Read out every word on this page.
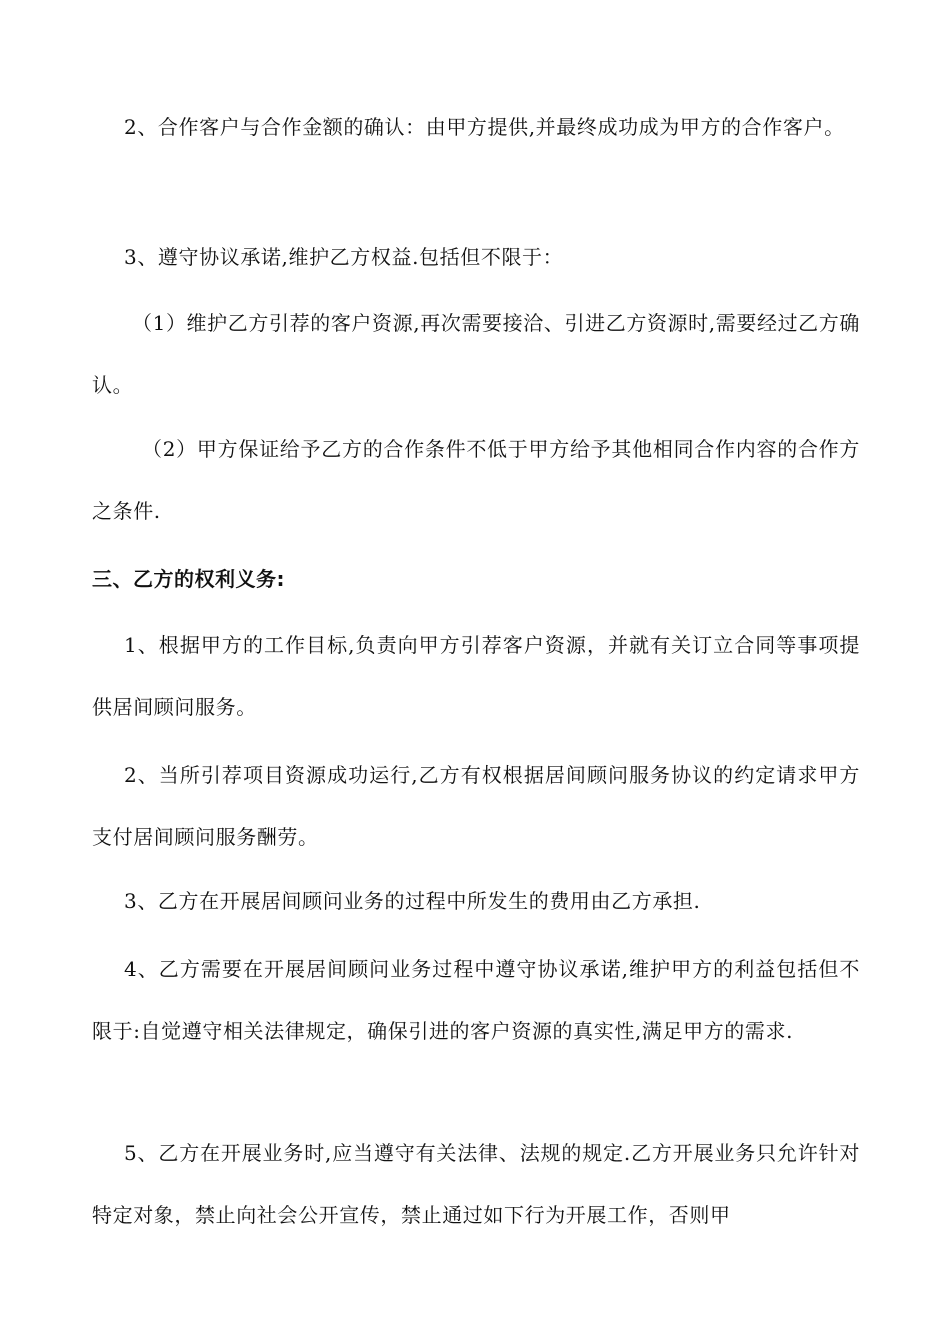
2、合作客户与合作金额的确认：由甲方提供,并最终成功成为甲方的合作客户。

3、遵守协议承诺,维护乙方权益.包括但不限于：

（1）维护乙方引荐的客户资源,再次需要接洽、引进乙方资源时,需要经过乙方确认。

（2）甲方保证给予乙方的合作条件不低于甲方给予其他相同合作内容的合作方之条件.

三、乙方的权利义务:

1、根据甲方的工作目标,负责向甲方引荐客户资源，并就有关订立合同等事项提供居间顾问服务。

2、当所引荐项目资源成功运行,乙方有权根据居间顾问服务协议的约定请求甲方支付居间顾问服务酬劳。

3、乙方在开展居间顾问业务的过程中所发生的费用由乙方承担.

4、乙方需要在开展居间顾问业务过程中遵守协议承诺,维护甲方的利益包括但不限于:自觉遵守相关法律规定，确保引进的客户资源的真实性,满足甲方的需求.

5、乙方在开展业务时,应当遵守有关法律、法规的规定.乙方开展业务只允许针对特定对象，禁止向社会公开宣传，禁止通过如下行为开展工作，否则甲
